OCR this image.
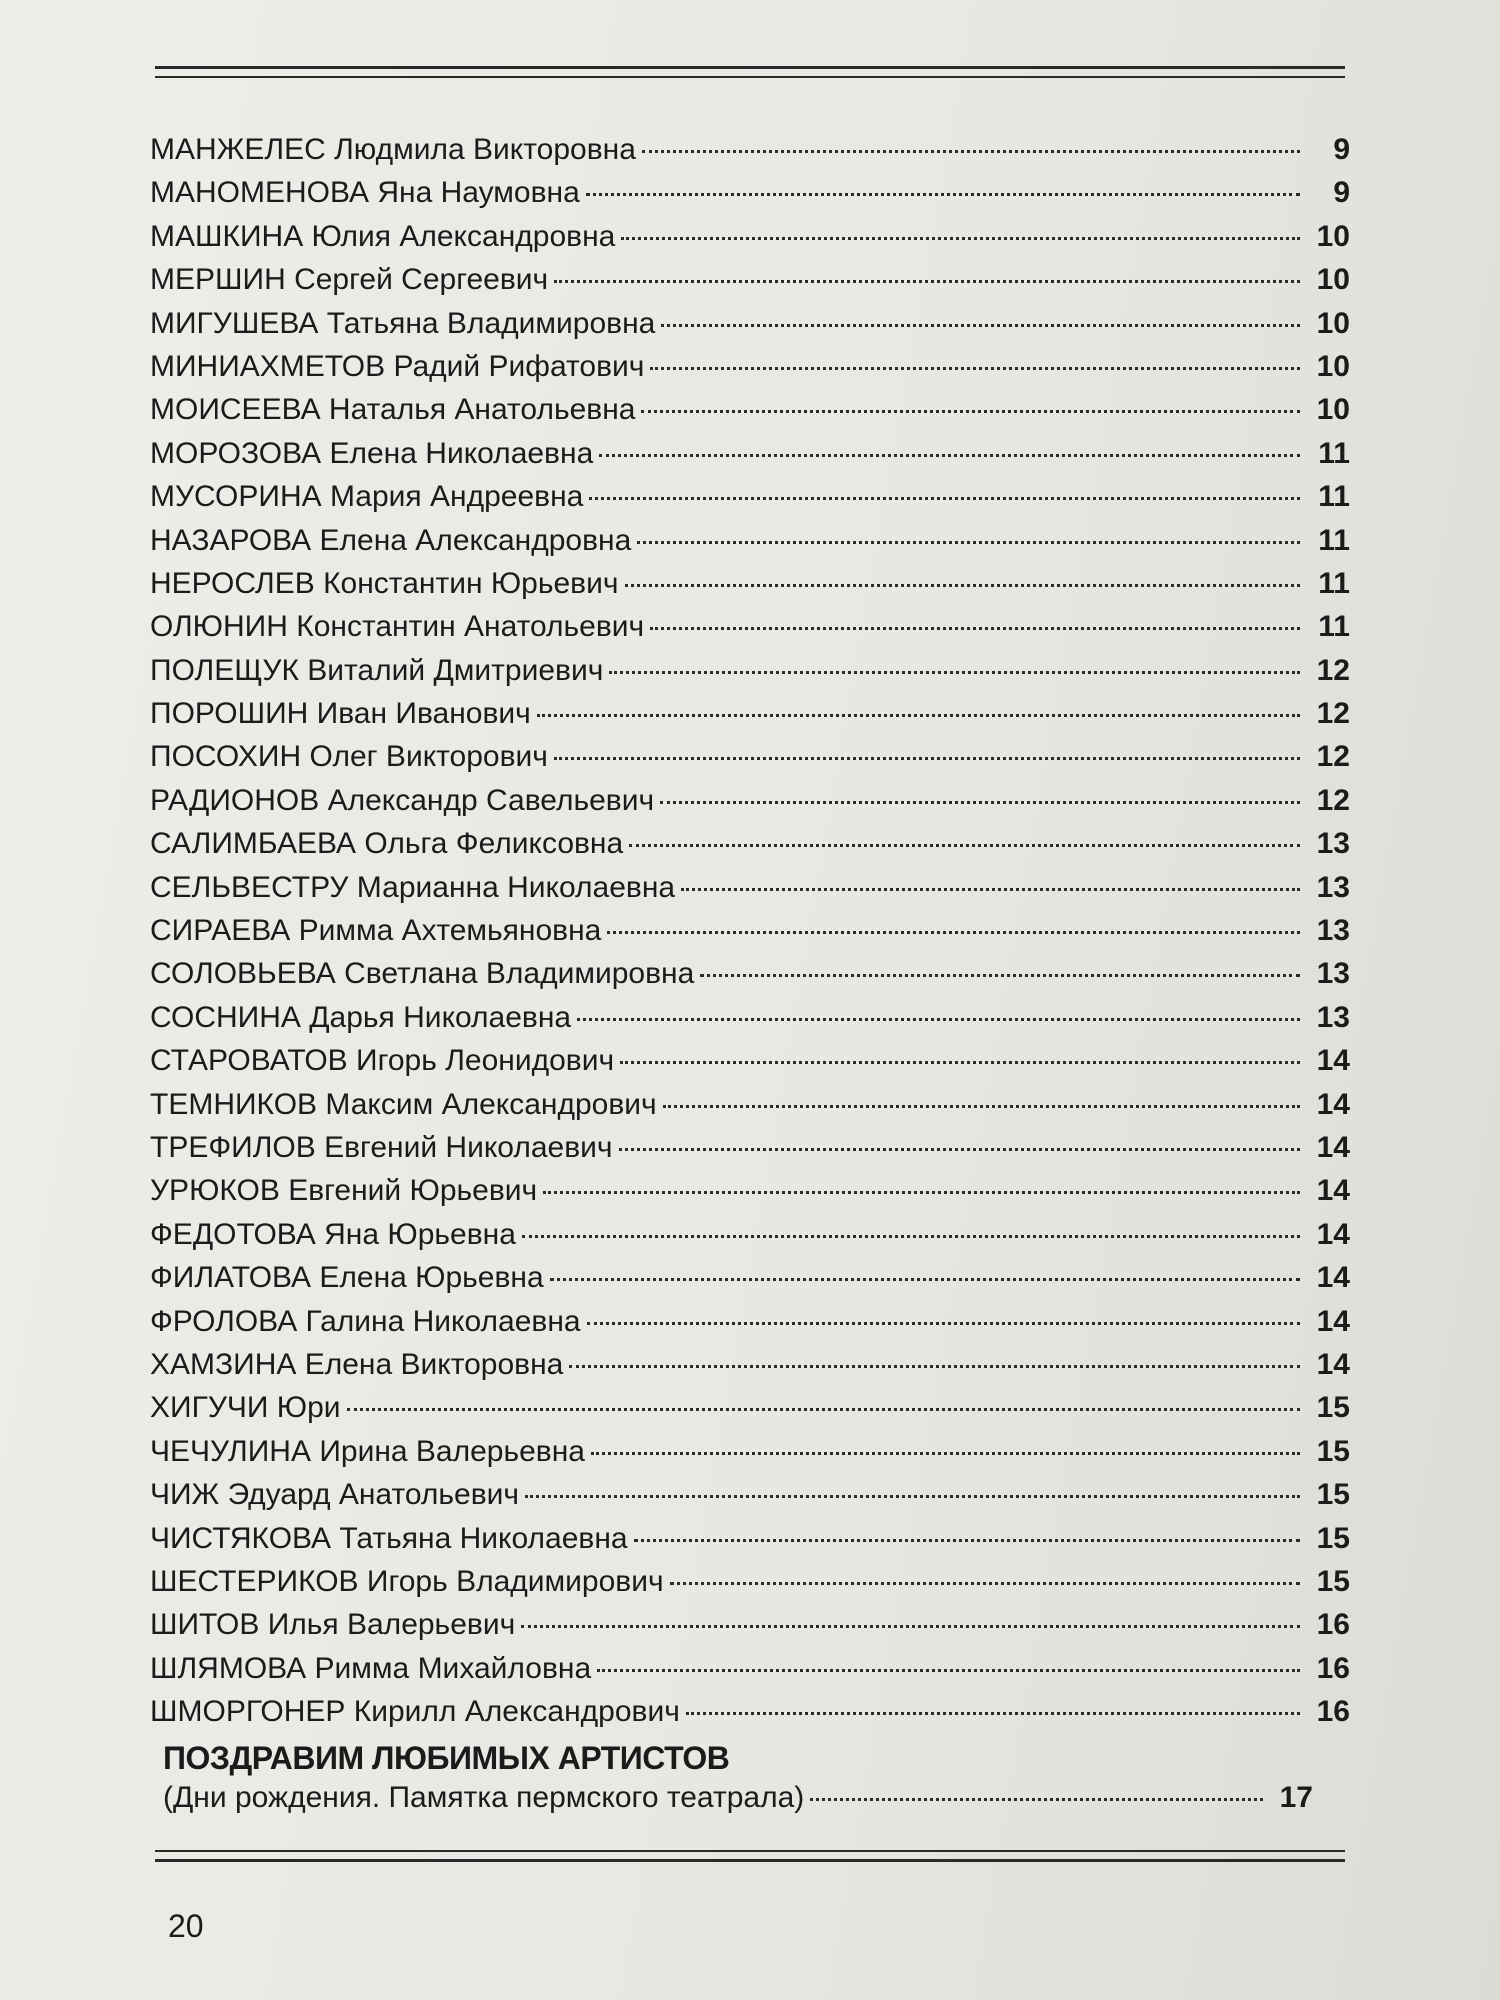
МАНЖЕЛЕС Людмила Викторовна	9
МАНОМЕНОВА Яна Наумовна	9
МАШКИНА Юлия Александровна	10
МЕРШИН Сергей Сергеевич	10
МИГУШЕВА Татьяна Владимировна	10
МИНИАХМЕТОВ Радий Рифатович	10
МОИСЕЕВА Наталья Анатольевна	10
МОРОЗОВА Елена Николаевна	11
МУСОРИНА Мария Андреевна	11
НАЗАРОВА Елена Александровна	11
НЕРОСЛЕВ Константин Юрьевич	11
ОЛЮНИН Константин Анатольевич	11
ПОЛЕЩУК Виталий Дмитриевич	12
ПОРОШИН Иван Иванович	12
ПОСОХИН Олег Викторович	12
РАДИОНОВ Александр Савельевич	12
САЛИМБАЕВА Ольга Феликсовна	13
СЕЛЬВЕСТРУ Марианна Николаевна	13
СИРАЕВА Римма Ахтемьяновна	13
СОЛОВЬЕВА Светлана Владимировна	13
СОСНИНА Дарья Николаевна	13
СТАРОВАТОВ Игорь Леонидович	14
ТЕМНИКОВ Максим Александрович	14
ТРЕФИЛОВ Евгений Николаевич	14
УРЮКОВ Евгений Юрьевич	14
ФЕДОТОВА Яна Юрьевна	14
ФИЛАТОВА Елена Юрьевна	14
ФРОЛОВА Галина Николаевна	14
ХАМЗИНА Елена Викторовна	14
ХИГУЧИ Юри	15
ЧЕЧУЛИНА Ирина Валерьевна	15
ЧИЖ Эдуард Анатольевич	15
ЧИСТЯКОВА Татьяна Николаевна	15
ШЕСТЕРИКОВ Игорь Владимирович	15
ШИТОВ Илья Валерьевич	16
ШЛЯМОВА Римма Михайловна	16
ШМОРГОНЕР Кирилл Александрович	16
ПОЗДРАВИМ ЛЮБИМЫХ АРТИСТОВ
(Дни рождения. Памятка пермского театрала)	17
20
